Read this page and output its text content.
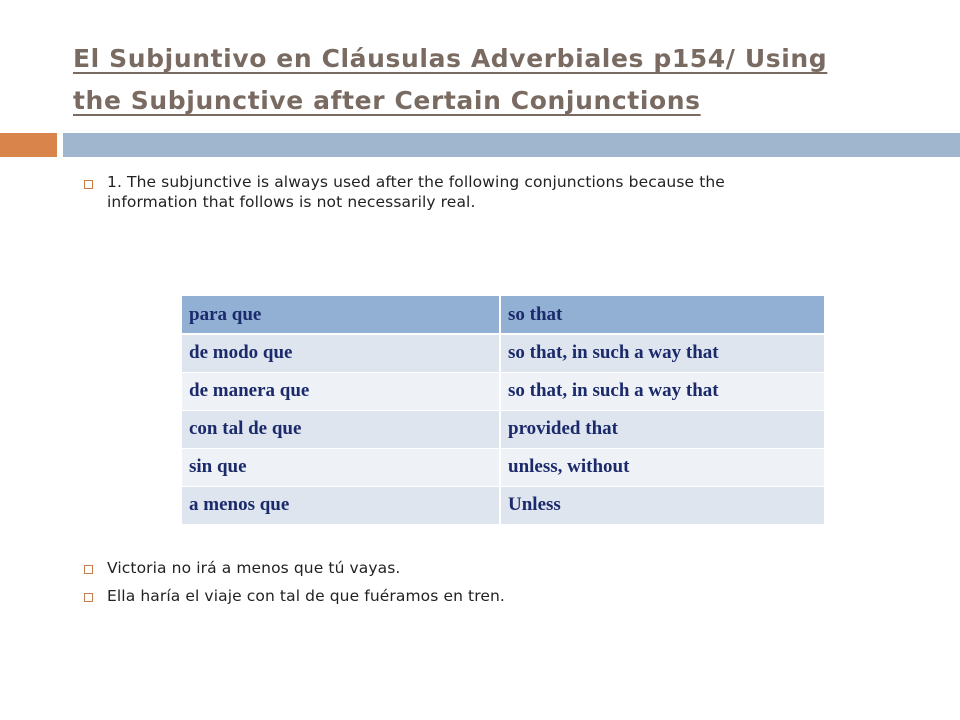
El Subjuntivo en Cláusulas Adverbiales p154/ Using
the Subjunctive after Certain Conjunctions
1. The subjunctive is always used after the following conjunctions because the
information that follows is not necessarily real.
para que	so that
de modo que	so that, in such a way that
de manera que	so that, in such a way that
con tal de que	provided that
sin que	unless, without
a menos que	Unless
Victoria no irá a menos que tú vayas.
Ella haría el viaje con tal de que fuéramos en tren.
